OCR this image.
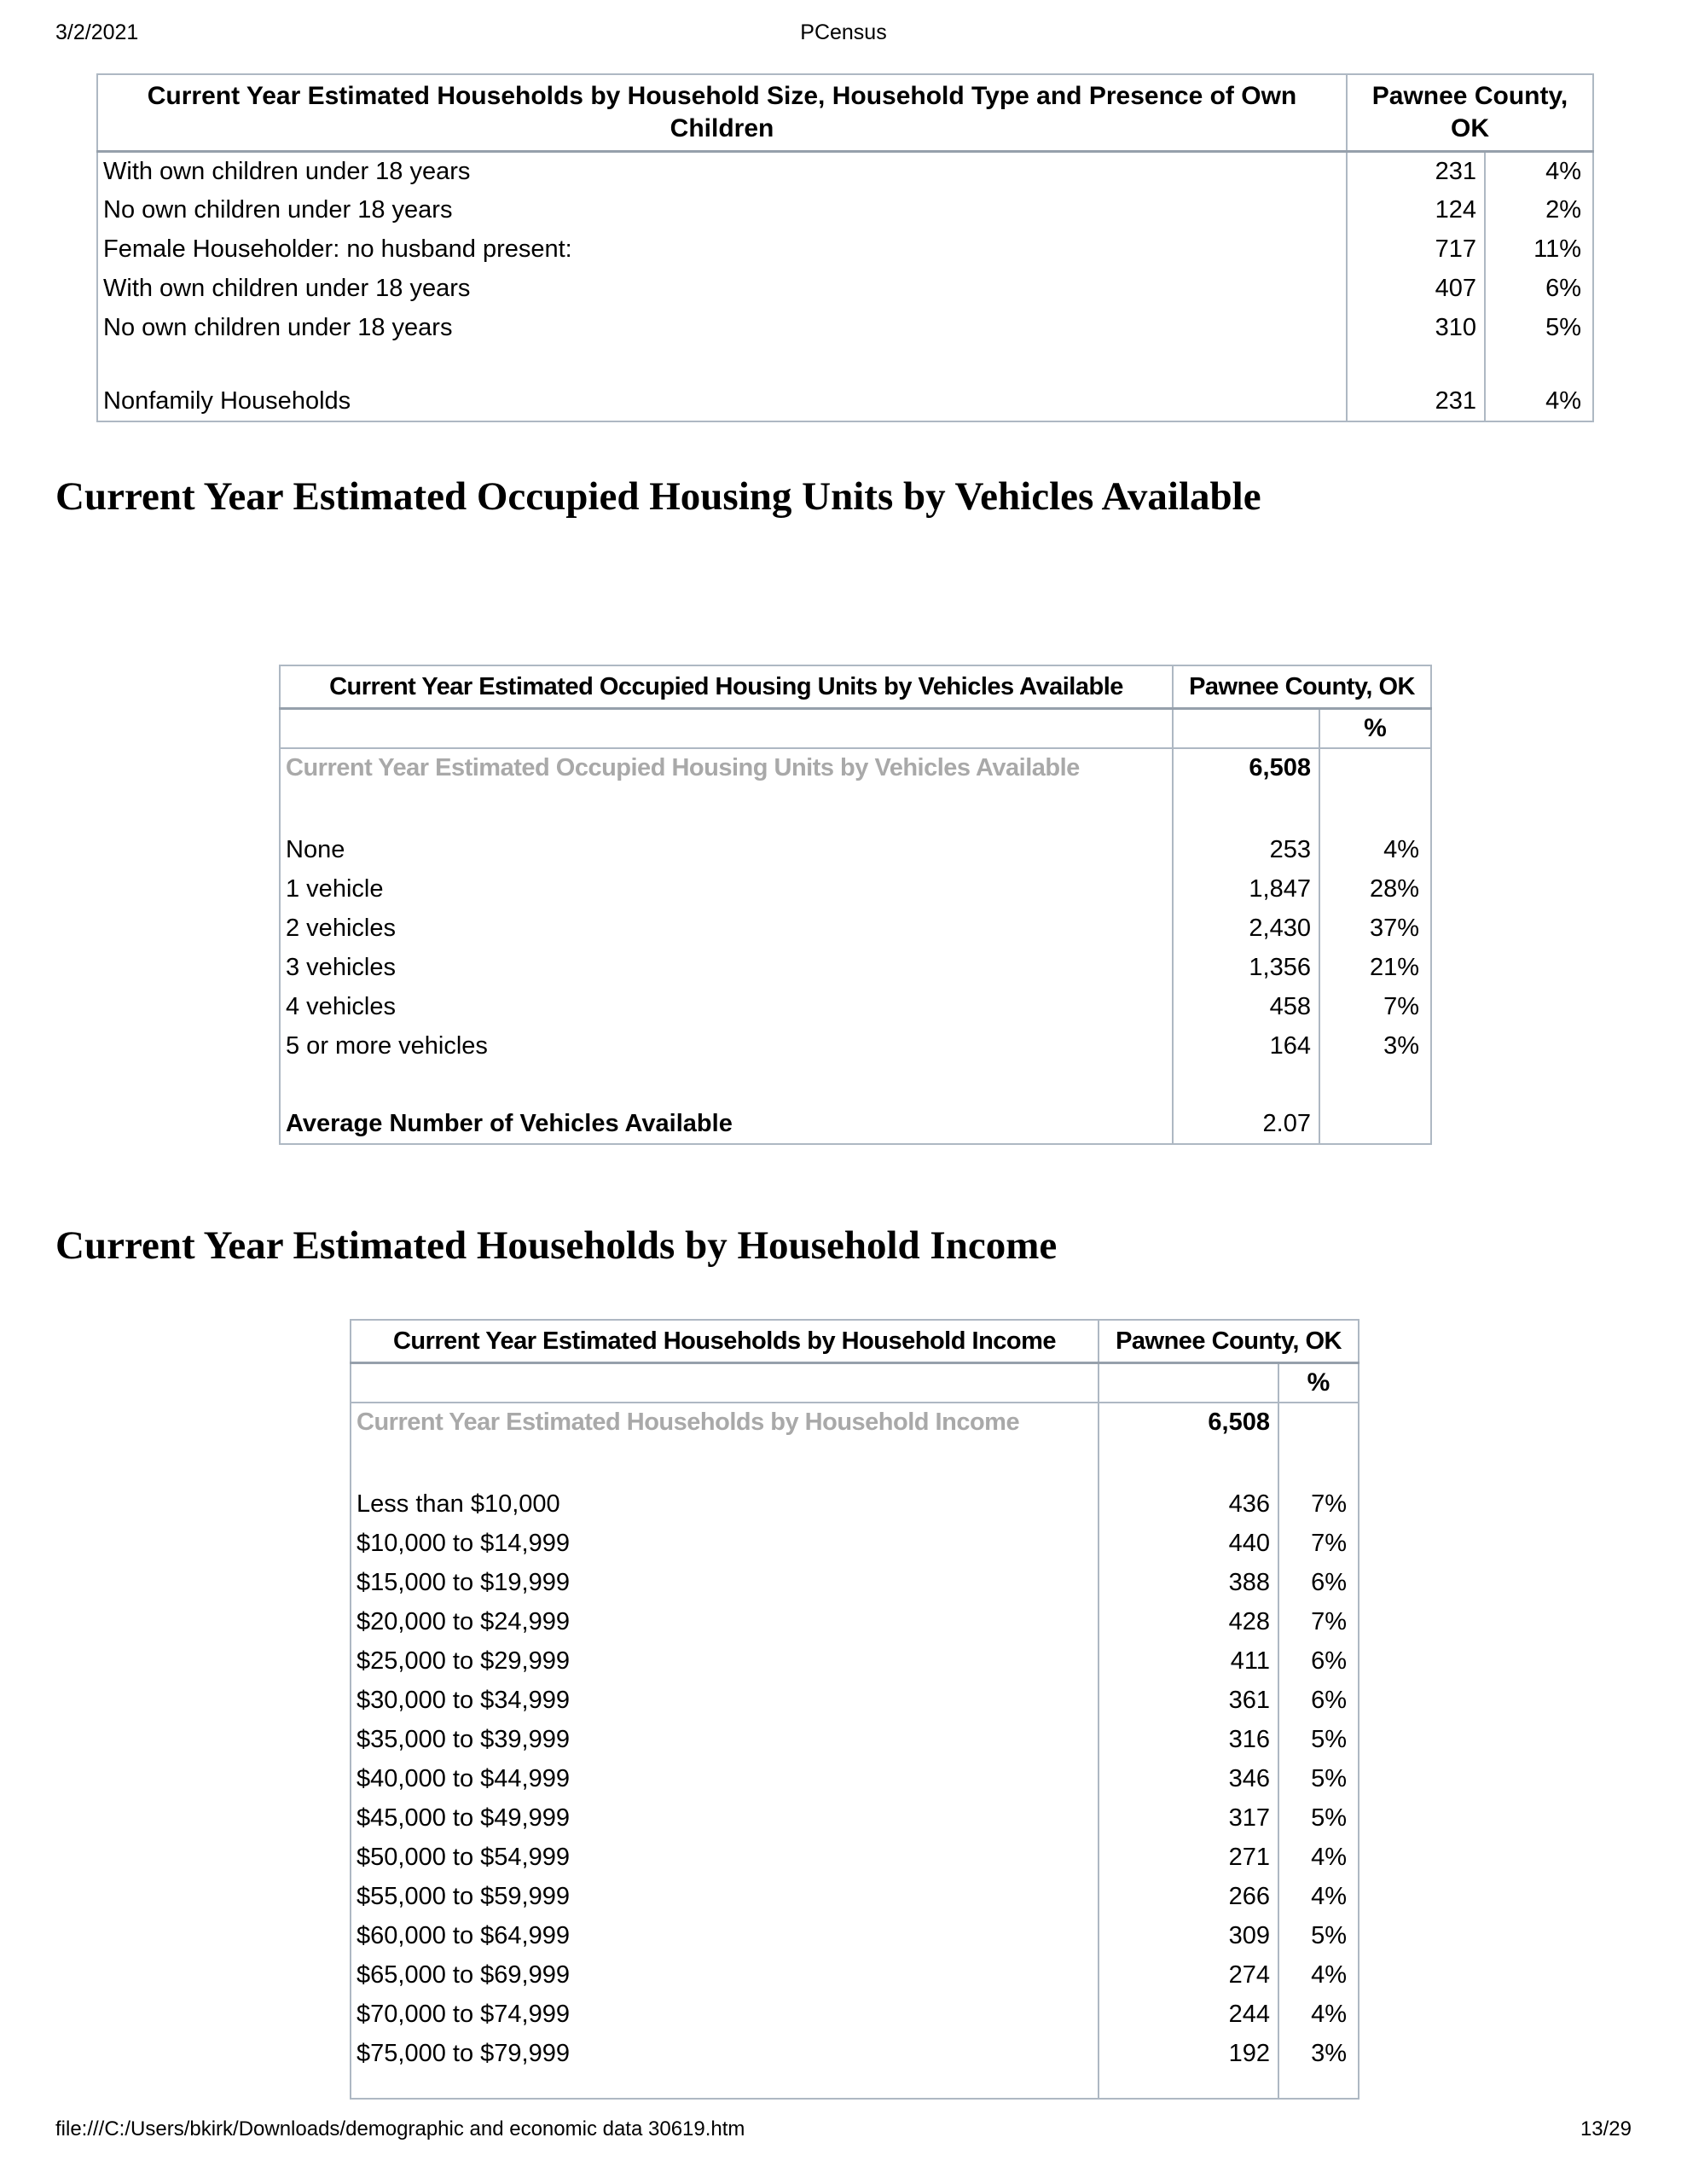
3/2/2021	PCensus
Current Year Estimated Households by Household Size, Household Type and Presence of Own Children	Pawnee County, OK	
With own children under 18 years	231	4%
No own children under 18 years	124	2%
Female Householder: no husband present:	717	11%
With own children under 18 years	407	6%
No own children under 18 years	310	5%

Nonfamily Households	231	4%
Current Year Estimated Occupied Housing Units by Vehicles Available
Current Year Estimated Occupied Housing Units by Vehicles Available	Pawnee County, OK	
		%
Current Year Estimated Occupied Housing Units by Vehicles Available	6,508	

None	253	4%
1 vehicle	1,847	28%
2 vehicles	2,430	37%
3 vehicles	1,356	21%
4 vehicles	458	7%
5 or more vehicles	164	3%

Average Number of Vehicles Available	2.07	
Current Year Estimated Households by Household Income
Current Year Estimated Households by Household Income	Pawnee County, OK	
		%
Current Year Estimated Households by Household Income	6,508	

Less than $10,000	436	7%
$10,000 to $14,999	440	7%
$15,000 to $19,999	388	6%
$20,000 to $24,999	428	7%
$25,000 to $29,999	411	6%
$30,000 to $34,999	361	6%
$35,000 to $39,999	316	5%
$40,000 to $44,999	346	5%
$45,000 to $49,999	317	5%
$50,000 to $54,999	271	4%
$55,000 to $59,999	266	4%
$60,000 to $64,999	309	5%
$65,000 to $69,999	274	4%
$70,000 to $74,999	244	4%
$75,000 to $79,999	192	3%

file:///C:/Users/bkirk/Downloads/demographic and economic data 30619.htm	13/29
